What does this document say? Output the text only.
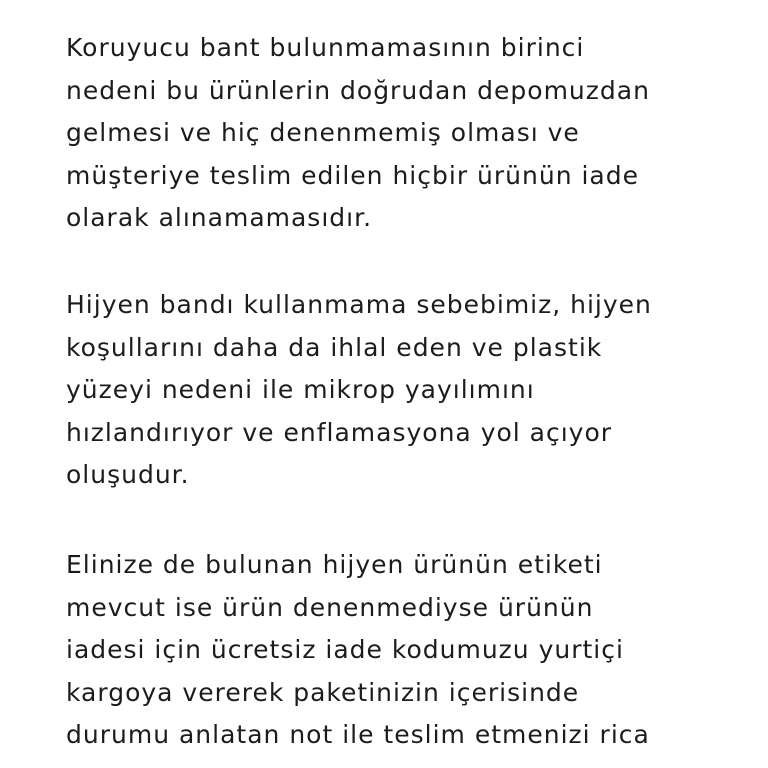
Koruyucu bant bulunmamasının birinci
nedeni bu ürünlerin doğrudan depomuzdan
gelmesi ve hiç denenmemiş olması ve
müşteriye teslim edilen hiçbir ürünün iade
olarak alınamamasıdır.

Hijyen bandı kullanmama sebebimiz, hijyen
koşullarını daha da ihlal eden ve plastik
yüzeyi nedeni ile mikrop yayılımını
hızlandırıyor ve enflamasyona yol açıyor
oluşudur.

Elinize de bulunan hijyen ürünün etiketi
mevcut ise ürün denenmediyse ürünün
iadesi için ücretsiz iade kodumuzu yurtiçi
kargoya vererek paketinizin içerisinde
durumu anlatan not ile teslim etmenizi rica
